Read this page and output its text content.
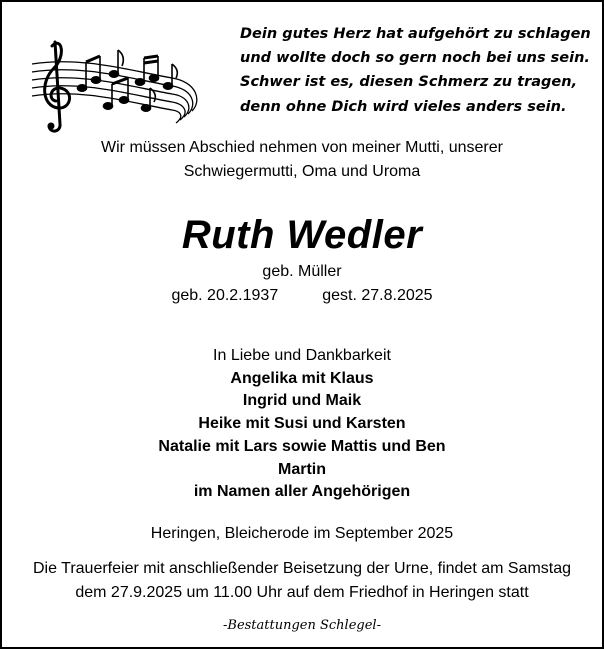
Dein gutes Herz hat aufgehört zu schlagen
und wollte doch so gern noch bei uns sein.
Schwer ist es, diesen Schmerz zu tragen,
denn ohne Dich wird vieles anders sein.
Wir müssen Abschied nehmen von meiner Mutti, unserer
Schwiegermutti, Oma und Uroma
Ruth Wedler
geb. Müller
geb. 20.2.1937	gest. 27.8.2025
In Liebe und Dankbarkeit
Angelika mit Klaus
Ingrid und Maik
Heike mit Susi und Karsten
Natalie mit Lars sowie Mattis und Ben
Martin
im Namen aller Angehörigen
Heringen, Bleicherode im September 2025
Die Trauerfeier mit anschließender Beisetzung der Urne, findet am Samstag
dem 27.9.2025 um 11.00 Uhr auf dem Friedhof in Heringen statt
-Bestattungen Schlegel-
